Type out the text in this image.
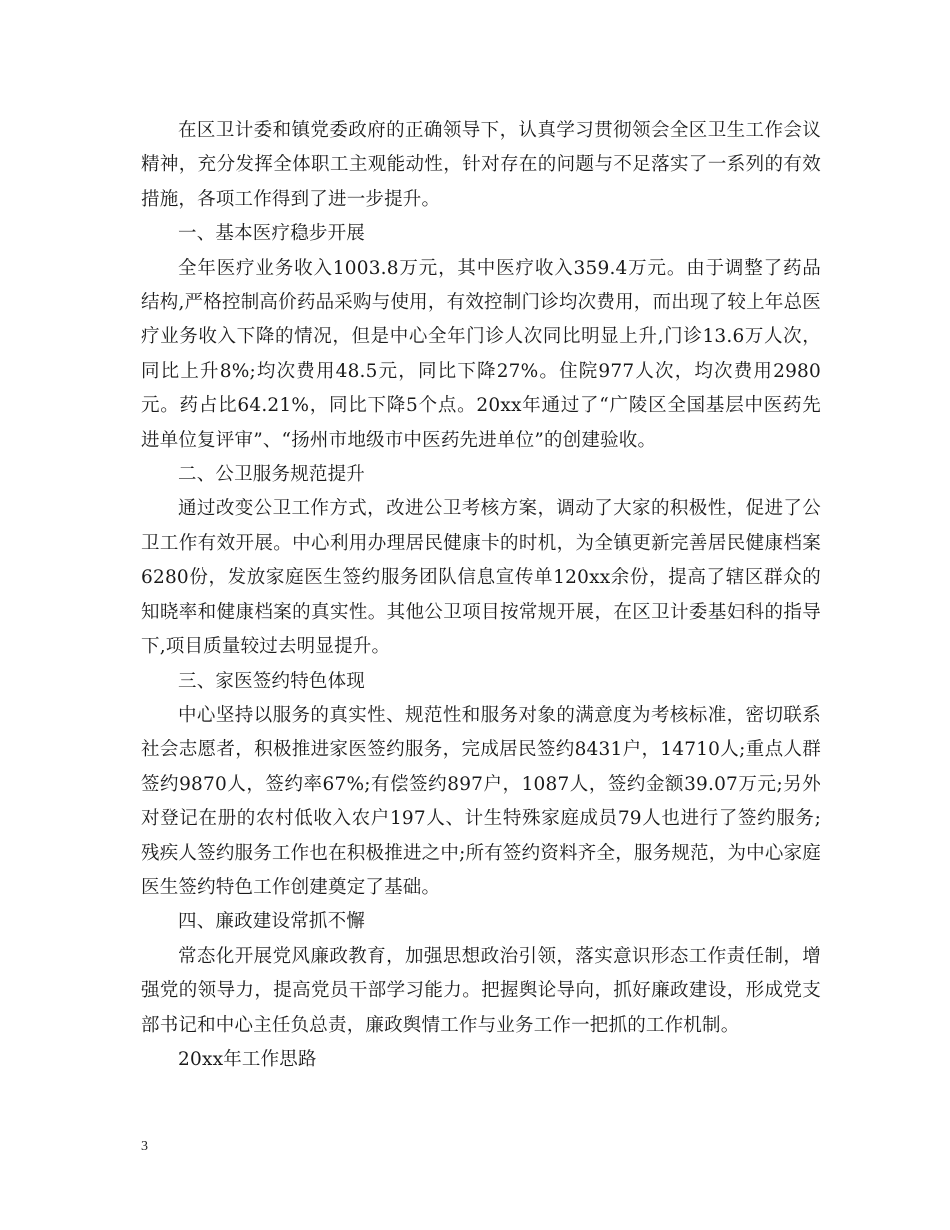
在区卫计委和镇党委政府的正确领导下，认真学习贯彻领会全区卫生工作会议精神，充分发挥全体职工主观能动性，针对存在的问题与不足落实了一系列的有效措施，各项工作得到了进一步提升。

一、基本医疗稳步开展

全年医疗业务收入1003.8万元，其中医疗收入359.4万元。由于调整了药品结构,严格控制高价药品采购与使用，有效控制门诊均次费用，而出现了较上年总医疗业务收入下降的情况，但是中心全年门诊人次同比明显上升,门诊13.6万人次，同比上升8%;均次费用48.5元，同比下降27%。住院977人次，均次费用2980元。药占比64.21%，同比下降5个点。20xx年通过了“广陵区全国基层中医药先进单位复评审”、“扬州市地级市中医药先进单位”的创建验收。

二、公卫服务规范提升

通过改变公卫工作方式，改进公卫考核方案，调动了大家的积极性，促进了公卫工作有效开展。中心利用办理居民健康卡的时机，为全镇更新完善居民健康档案6280份，发放家庭医生签约服务团队信息宣传单120xx余份，提高了辖区群众的知晓率和健康档案的真实性。其他公卫项目按常规开展，在区卫计委基妇科的指导下,项目质量较过去明显提升。

三、家医签约特色体现

中心坚持以服务的真实性、规范性和服务对象的满意度为考核标准，密切联系社会志愿者，积极推进家医签约服务，完成居民签约8431户，14710人;重点人群签约9870人，签约率67%;有偿签约897户，1087人，签约金额39.07万元;另外对登记在册的农村低收入农户197人、计生特殊家庭成员79人也进行了签约服务;残疾人签约服务工作也在积极推进之中;所有签约资料齐全，服务规范，为中心家庭医生签约特色工作创建奠定了基础。

四、廉政建设常抓不懈

常态化开展党风廉政教育，加强思想政治引领，落实意识形态工作责任制，增强党的领导力，提高党员干部学习能力。把握舆论导向，抓好廉政建设，形成党支部书记和中心主任负总责，廉政舆情工作与业务工作一把抓的工作机制。

20xx年工作思路

3
